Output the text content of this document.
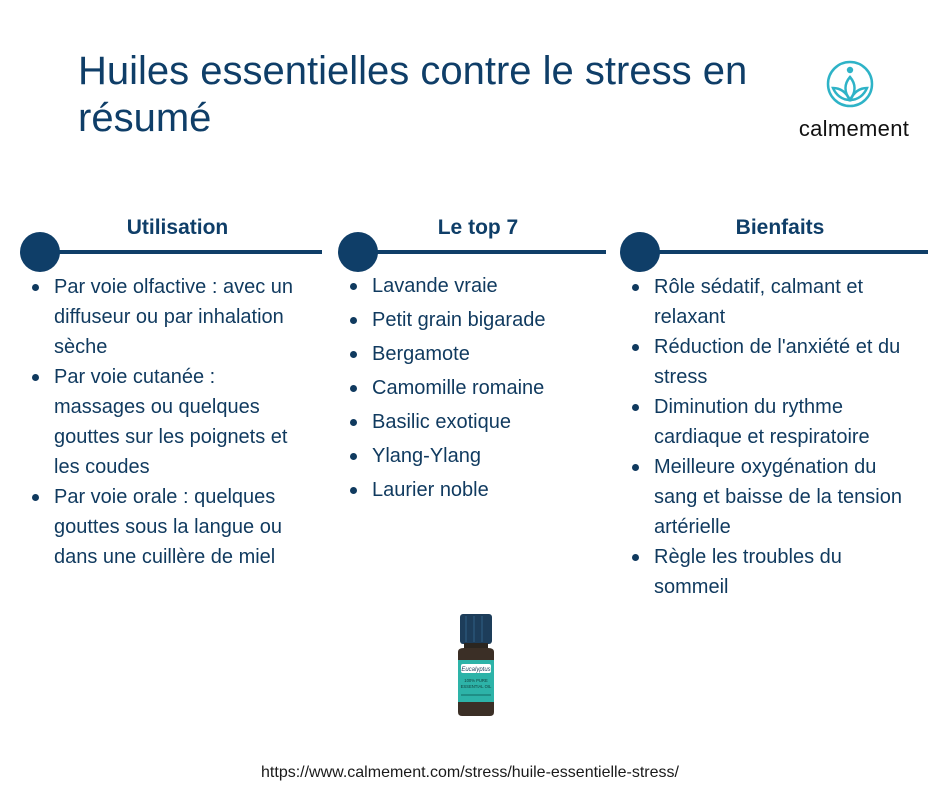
Huiles essentielles contre le stress en résumé	calmement
Utilisation
Par voie olfactive : avec un diffuseur ou par inhalation sèche
Par voie cutanée : massages ou quelques gouttes sur les poignets et les coudes
Par voie orale : quelques gouttes sous la langue ou dans une cuillère de miel
Le top 7
Lavande vraie
Petit grain bigarade
Bergamote
Camomille romaine
Basilic exotique
Ylang-Ylang
Laurier noble
Bienfaits
Rôle sédatif, calmant et relaxant
Réduction de l'anxiété et du stress
Diminution du rythme cardiaque et respiratoire
Meilleure oxygénation du sang et baisse de la tension artérielle
Règle les troubles du sommeil
Eucalyptus
100% PURE
ESSENTIAL OIL
https://www.calmement.com/stress/huile-essentielle-stress/
